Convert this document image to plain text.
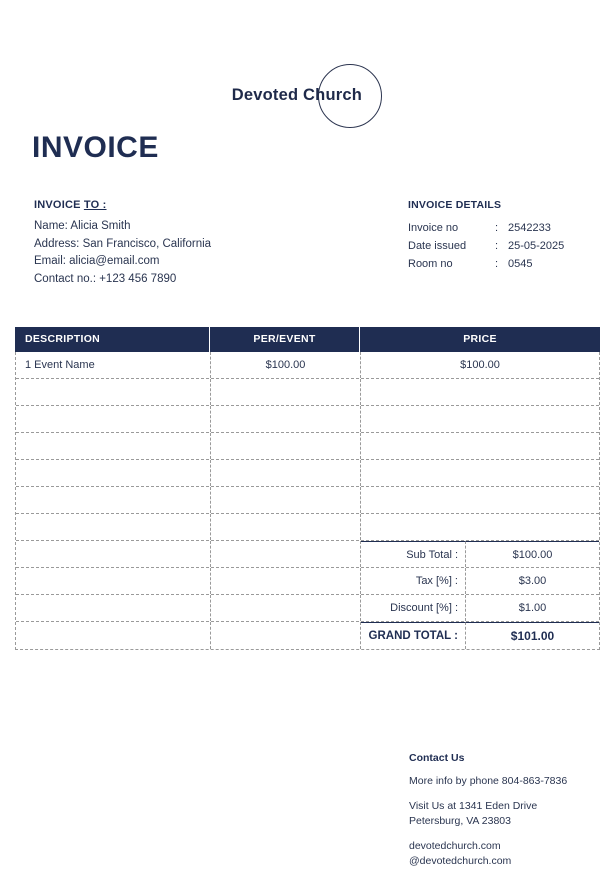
Devoted Church
INVOICE
INVOICE TO :
Name: Alicia Smith
Address: San Francisco, California
Email: alicia@email.com
Contact no.: +123 456 7890
INVOICE DETAILS
Invoice no	: 2542233
Date issued	: 25-05-2025
Room no	: 0545
DESCRIPTION	PER/EVENT	PRICE
1 Event Name	$100.00	$100.00
Sub Total :	$100.00
Tax [%] :	$3.00
Discount [%] :	$1.00
GRAND TOTAL :	$101.00
Contact Us
More info by phone 804-863-7836
Visit Us at 1341 Eden Drive
Petersburg, VA 23803
devotedchurch.com
@devotedchurch.com
